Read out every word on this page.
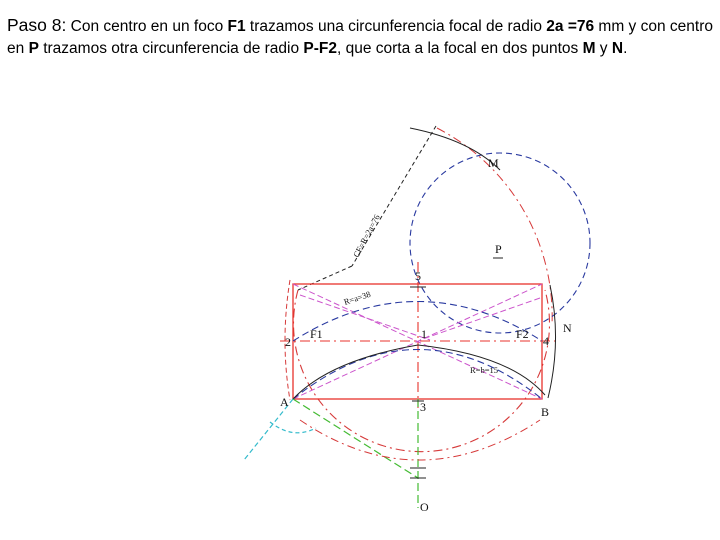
Paso 8: Con centro en un foco F1 trazamos una circunferencia focal de radio 2a =76 mm y con centro en P trazamos otra circunferencia de radio P-F2, que corta a la focal en dos puntos M y N.
M
P
N
A
B
F1	F2
O
1
2
3
4
5
CF=R=2a=76
R=a=38
R=b=15
